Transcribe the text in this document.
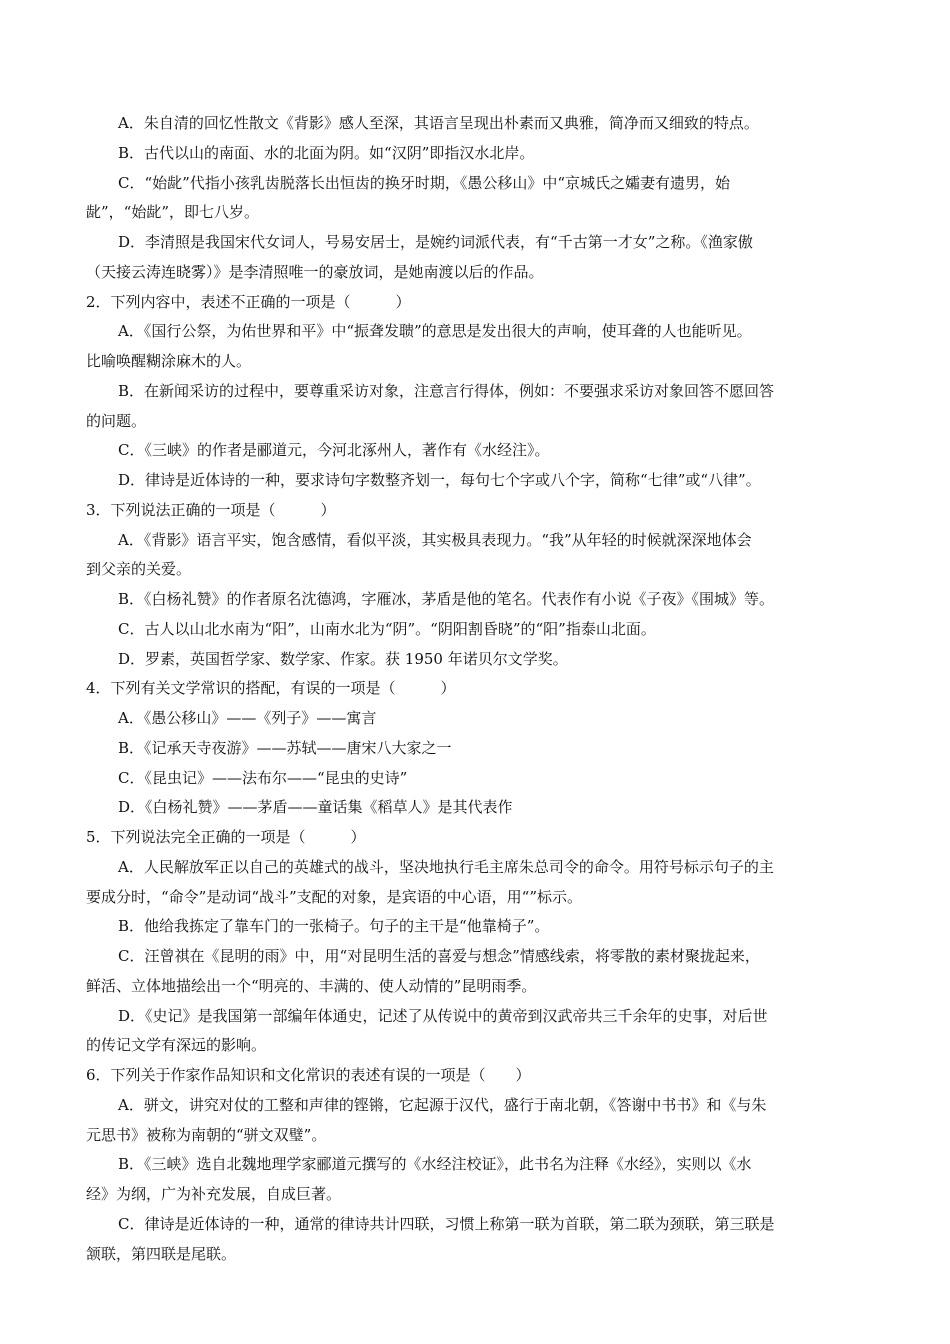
A．朱自清的回忆性散文《背影》感人至深，其语言呈现出朴素而又典雅，简净而又细致的特点。
B．古代以山的南面、水的北面为阴。如“汉阴”即指汉水北岸。
C．“始龀”代指小孩乳齿脱落长出恒齿的换牙时期，《愚公移山》中“京城氏之孀妻有遗男，始
龀”，“始龀”，即七八岁。
D．李清照是我国宋代女词人，号易安居士，是婉约词派代表，有“千古第一才女”之称。《渔家傲
（天接云涛连晓雾）》是李清照唯一的豪放词，是她南渡以后的作品。
2．下列内容中，表述不正确的一项是（　　　）
A．《国行公祭，为佑世界和平》中“振聋发聩”的意思是发出很大的声响，使耳聋的人也能听见。
比喻唤醒糊涂麻木的人。
B．在新闻采访的过程中，要尊重采访对象，注意言行得体，例如：不要强求采访对象回答不愿回答
的问题。
C．《三峡》的作者是郦道元，今河北涿州人，著作有《水经注》。
D．律诗是近体诗的一种，要求诗句字数整齐划一，每句七个字或八个字，简称“七律”或“八律”。
3．下列说法正确的一项是（　　　）
A．《背影》语言平实，饱含感情，看似平淡，其实极具表现力。“我”从年轻的时候就深深地体会
到父亲的关爱。
B．《白杨礼赞》的作者原名沈德鸿，字雁冰，茅盾是他的笔名。代表作有小说《子夜》《围城》等。
C．古人以山北水南为“阳”，山南水北为“阴”。“阴阳割昏晓”的“阳”指泰山北面。
D．罗素，英国哲学家、数学家、作家。获 1950 年诺贝尔文学奖。
4．下列有关文学常识的搭配，有误的一项是（　　　）
A．《愚公移山》——《列子》——寓言
B．《记承天寺夜游》——苏轼——唐宋八大家之一
C．《昆虫记》——法布尔——“昆虫的史诗”
D．《白杨礼赞》——茅盾——童话集《稻草人》是其代表作
5．下列说法完全正确的一项是（　　　）
A．人民解放军正以自己的英雄式的战斗，坚决地执行毛主席朱总司令的命令。用符号标示句子的主
要成分时，“命令”是动词“战斗”支配的对象，是宾语的中心语，用“”标示。
B．他给我拣定了靠车门的一张椅子。句子的主干是“他靠椅子”。
C．汪曾祺在《昆明的雨》中，用“对昆明生活的喜爱与想念”情感线索，将零散的素材聚拢起来，
鲜活、立体地描绘出一个“明亮的、丰满的、使人动情的”昆明雨季。
D．《史记》是我国第一部编年体通史，记述了从传说中的黄帝到汉武帝共三千余年的史事，对后世
的传记文学有深远的影响。
6．下列关于作家作品知识和文化常识的表述有误的一项是（　　）
A．骈文，讲究对仗的工整和声律的铿锵，它起源于汉代，盛行于南北朝，《答谢中书书》和《与朱
元思书》被称为南朝的“骈文双璧”。
B．《三峡》选自北魏地理学家郦道元撰写的《水经注校证》，此书名为注释《水经》，实则以《水
经》为纲，广为补充发展，自成巨著。
C．律诗是近体诗的一种，通常的律诗共计四联，习惯上称第一联为首联，第二联为颈联，第三联是
颔联，第四联是尾联。
